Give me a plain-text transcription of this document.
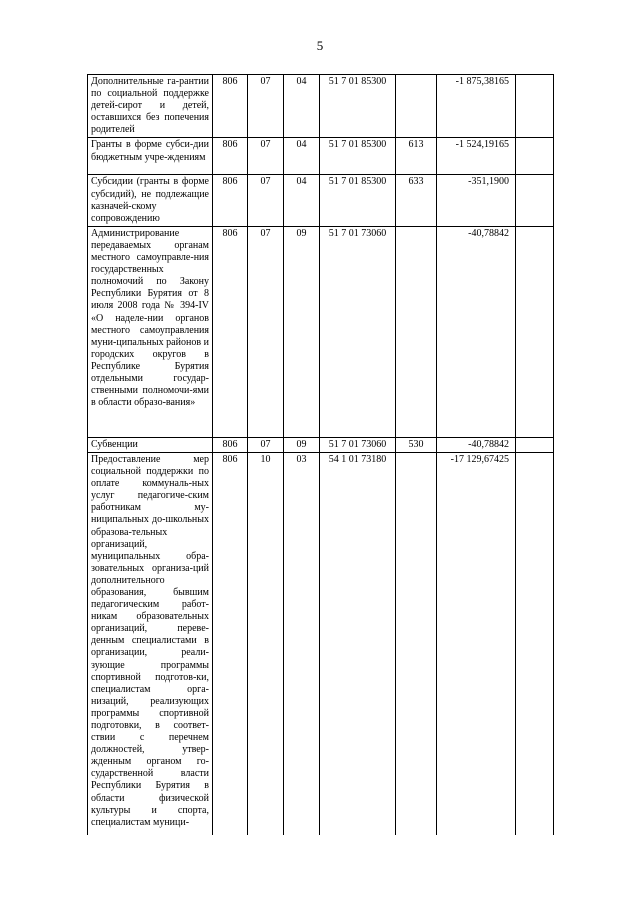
5
Дополнительные га-рантии по социальной поддержке детей-сирот и детей, оставшихся без попечения родителей	806	07	04	51 7 01 85300		-1 875,38165	
Гранты в форме субси-дии бюджетным учре-ждениям	806	07	04	51 7 01 85300	613	-1 524,19165	
Субсидии (гранты в форме субсидий), не подлежащие казначей-скому сопровождению	806	07	04	51 7 01 85300	633	-351,1900	
Администрирование передаваемых органам местного самоуправле-ния государственных полномочий по Закону Республики Бурятия от 8 июля 2008 года № 394-IV «О наделе-нии органов местного самоуправления муни-ципальных районов и городских округов в Республике Бурятия отдельными государ-ственными полномочи-ями в области образо-вания»	806	07	09	51 7 01 73060		-40,78842	
Субвенции	806	07	09	51 7 01 73060	530	-40,78842	
Предоставление мер социальной поддержки по оплате коммуналь-ных услуг педагогиче-ским работникам му-ниципальных до-школьных образова-тельных организаций, муниципальных обра-зовательных организа-ций дополнительного образования, бывшим педагогическим работ-никам образовательных организаций, переве-денным специалистами в организации, реали-зующие программы спортивной подготов-ки, специалистам орга-низаций, реализующих программы спортивной подготовки, в соответ-ствии с перечнем должностей, утвер-жденным органом го-сударственной власти Республики Бурятия в области физической культуры и спорта, специалистам муници-	806	10	03	54 1 01 73180		-17 129,67425	
